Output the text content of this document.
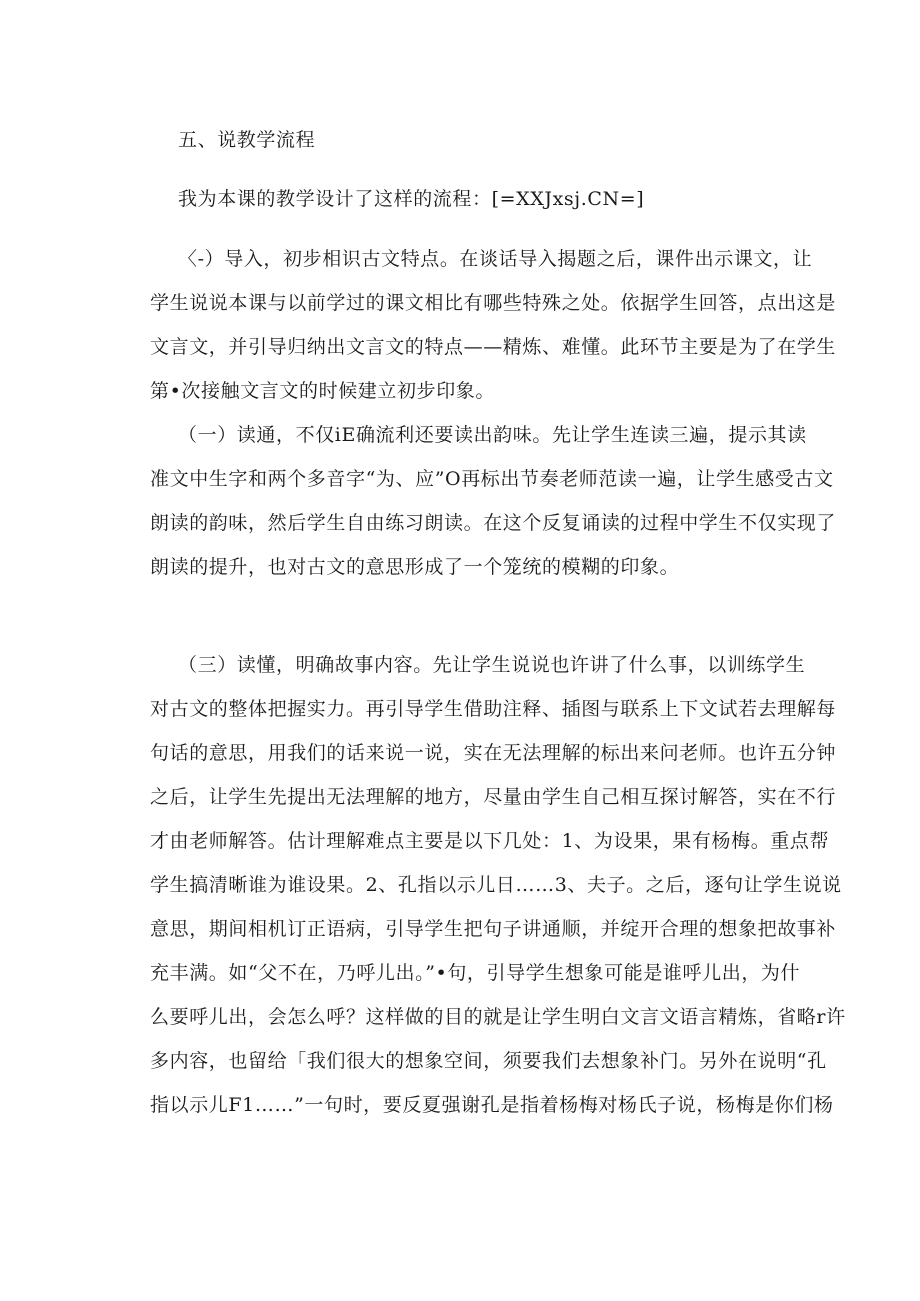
五、说教学流程
我为本课的教学设计了这样的流程：[=XXJxsj.CN=]
〈-）导入，初步相识古文特点。在谈话导入揭题之后，课件出示课文，让
学生说说本课与以前学过的课文相比有哪些特殊之处。依据学生回答，点出这是
文言文，并引导归纳出文言文的特点——精炼、难懂。此环节主要是为了在学生
第•次接触文言文的时候建立初步印象。
（一）读通，不仅iE确流利还要读出韵味。先让学生连读三遍，提示其读
准文中生字和两个多音字“为、应”O再标出节奏老师范读一遍，让学生感受古文
朗读的韵味，然后学生自由练习朗读。在这个反复诵读的过程中学生不仅实现了
朗读的提升，也对古文的意思形成了一个笼统的模糊的印象。
（三）读懂，明确故事内容。先让学生说说也许讲了什么事，以训练学生
对古文的整体把握实力。再引导学生借助注释、插图与联系上下文试若去理解每
句话的意思，用我们的话来说一说，实在无法理解的标出来问老师。也许五分钟
之后，让学生先提出无法理解的地方，尽量由学生自己相互探讨解答，实在不行
才由老师解答。估计理解难点主要是以下几处：1、为设果，果有杨梅。重点帮
学生搞清晰谁为谁设果。2、孔指以示儿日……3、夫子。之后，逐句让学生说说
意思，期间相机订正语病，引导学生把句子讲通顺，并绽开合理的想象把故事补
充丰满。如“父不在，乃呼儿出。”•句，引导学生想象可能是谁呼儿出，为什
么要呼儿出，会怎么呼？这样做的目的就是让学生明白文言文语言精炼，省略r许
多内容，也留给「我们很大的想象空间，须要我们去想象补门。另外在说明“孔
指以示儿F1……”一句时，要反夏强谢孔是指着杨梅对杨氏子说，杨梅是你们杨
